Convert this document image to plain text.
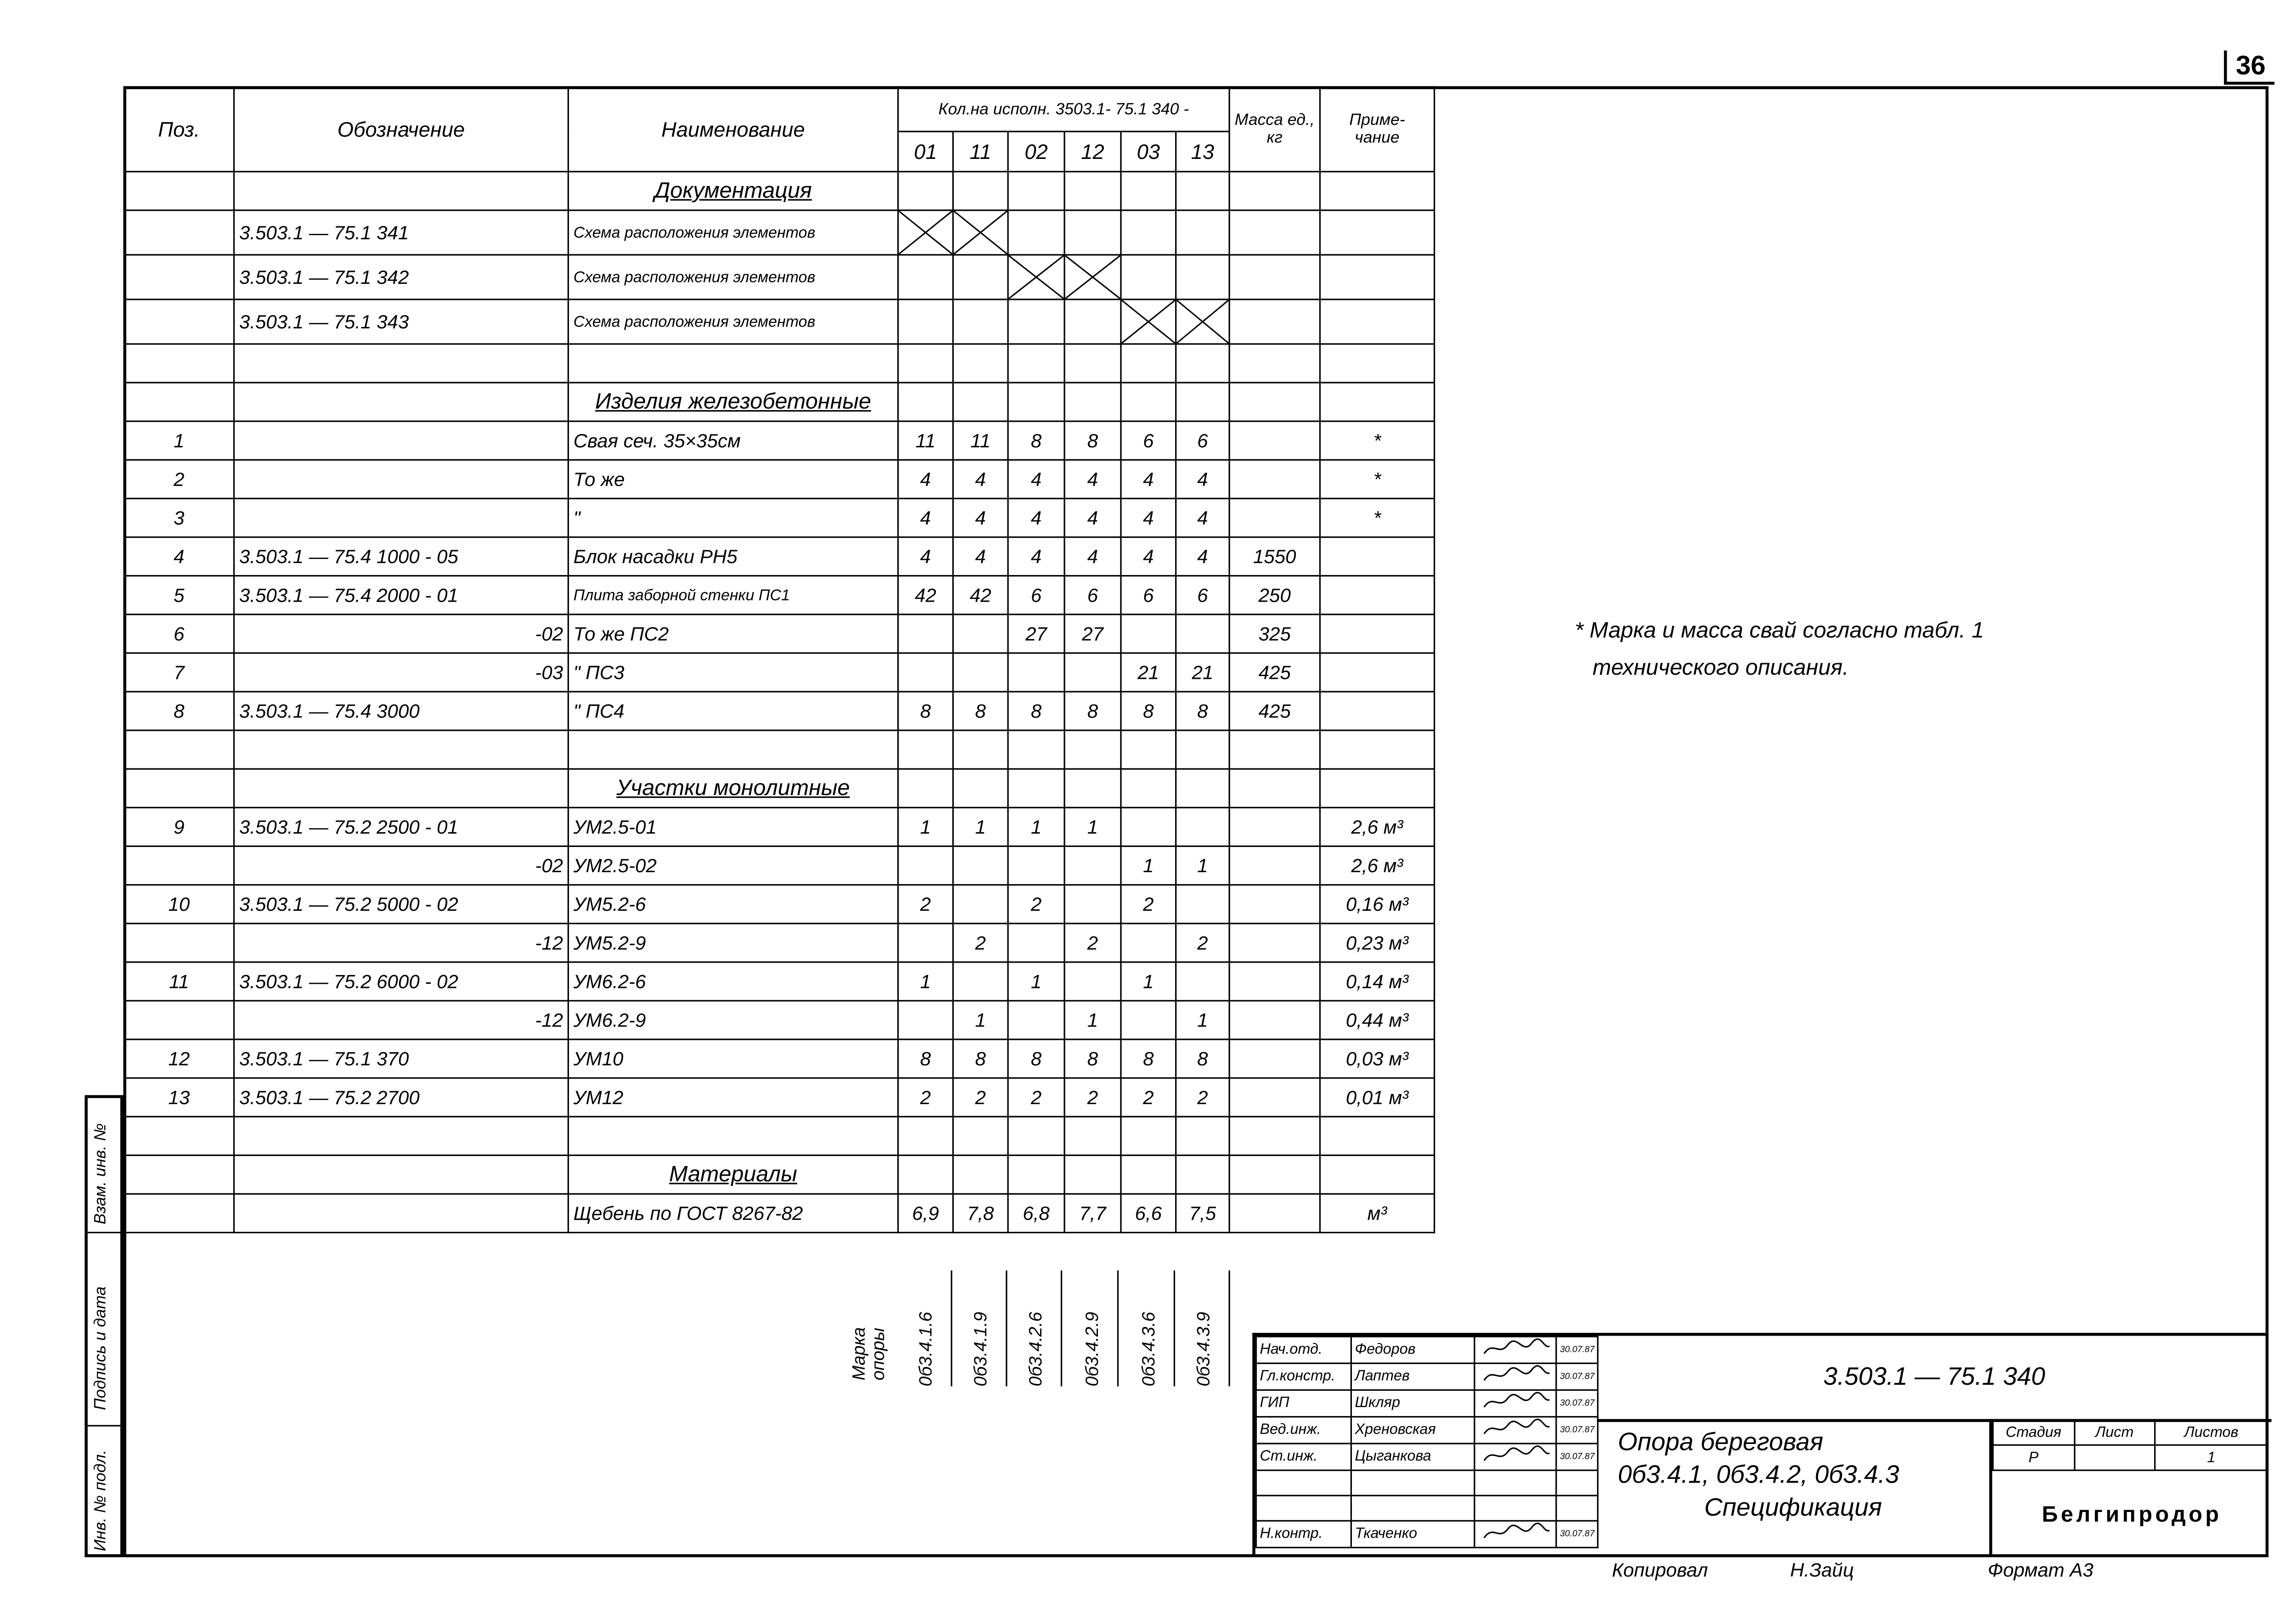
36
Поз.	Обозначение	Наименование	Кол.на исполн. 3503.1- 75.1 340 -						Масса ед., кг	Приме- чание
			01	11	02	12	03	13		
		Документация								
	3.503.1 — 75.1 341	Схема расположения элементов	

	3.503.1 — 75.1 342	Схема расположения элементов			

	3.503.1 — 75.1 343	Схема расположения элементов					

		Изделия железобетонные								
1		Свая сеч. 35×35см	11	11	8	8	6	6		*
2		То же	4	4	4	4	4	4		*
3		"	4	4	4	4	4	4		*
4	3.503.1 — 75.4 1000 - 05	Блок насадки РН5	4	4	4	4	4	4	1550	
5	3.503.1 — 75.4 2000 - 01	Плита заборной стенки ПС1	42	42	6	6	6	6	250	
6	-02	То же ПС2			27	27			325	
7	-03	" ПС3					21	21	425	
8	3.503.1 — 75.4 3000	" ПС4	8	8	8	8	8	8	425	

		Участки монолитные								
9	3.503.1 — 75.2 2500 - 01	УМ2.5-01	1	1	1	1				2,6 м³
	-02	УМ2.5-02					1	1		2,6 м³
10	3.503.1 — 75.2 5000 - 02	УМ5.2-6	2		2		2			0,16 м³
	-12	УМ5.2-9		2		2		2		0,23 м³
11	3.503.1 — 75.2 6000 - 02	УМ6.2-6	1		1		1			0,14 м³
	-12	УМ6.2-9		1		1		1		0,44 м³
12	3.503.1 — 75.1 370	УМ10	8	8	8	8	8	8		0,03 м³
13	3.503.1 — 75.2 2700	УМ12	2	2	2	2	2	2		0,01 м³

		Материалы								
		Щебень по ГОСТ 8267-82	6,9	7,8	6,8	7,7	6,6	7,5		м³
Марка опоры	0б3.4.1.6	0б3.4.1.9	0б3.4.2.6	0б3.4.2.9	0б3.4.3.6	0б3.4.3.9
* Марка и масса свай согласно табл. 1
технического описания.
Инв. № подл.
Подпись и дата
Взам. инв. №
Нач.отд.	Федоров		30.07.87
Гл.констр.	Лаптев		30.07.87
ГИП	Шкляр		30.07.87
Вед.инж.	Хреновская		30.07.87
Ст.инж.	Цыганкова		30.07.87

Н.контр.	Ткаченко		30.07.87
3.503.1 — 75.1 340
Опора береговая
0б3.4.1, 0б3.4.2, 0б3.4.3
Спецификация
Стадия	Лист	Листов
Р		1
Белгипродор
Копировал	Н.Зайц	Формат А3
